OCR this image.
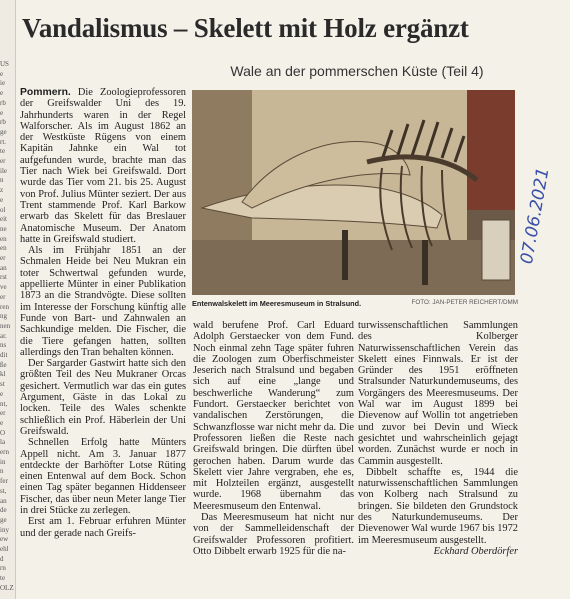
US
e
ie
e
rb
e
rb
ge
rt.
te
er
ile
n
z
e
ol
eit
ne
en
en
er
an
rst
ve
er
ren
ng
nen
ar.
ns
dit
ße
kl
st
e
nt,
er
e
O
la
ern
in
n
fer
st,
an
de
ge
iny
ew
ehl
d
rn
te
OLZ
Vandalismus – Skelett mit Holz ergänzt
Wale an der pommerschen Küste (Teil 4)

Pommern. Die Zoologieprofessoren der Greifswalder Uni des 19. Jahrhunderts waren in der Regel Walforscher. Als im August 1862 an der Westküste Rügens von einem Kapitän Jahnke ein Wal tot aufgefunden wurde, brachte man das Tier nach Wiek bei Greifswald. Dort wurde das Tier vom 21. bis 25. August von Prof. Julius Münter seziert. Der aus Trent stammende Prof. Karl Barkow erwarb das Skelett für das Breslauer Anatomische Museum. Der Anatom hatte in Greifswald studiert.

Als im Frühjahr 1851 an der Schmalen Heide bei Neu Mukran ein toter Schwertwal gefunden wurde, appellierte Münter in einer Publikation 1873 an die Strandvögte. Diese sollten im Interesse der Forschung künftig alle Funde von Bart- und Zahnwalen an Sachkundige melden. Die Fischer, die die Tiere gefangen hatten, sollten allerdings den Tran behalten können.

Der Sargarder Gastwirt hatte sich den größten Teil des Neu Mukraner Orcas gesichert. Vermutlich war das ein gutes Argument, Gäste in das Lokal zu locken. Teile des Wales schenkte schließlich ein Prof. Häberlein der Uni Greifswald.

Schnellen Erfolg hatte Münters Appell nicht. Am 3. Januar 1877 entdeckte der Barhöfter Lotse Rüting einen Entenwal auf dem Bock. Schon einen Tag später begannen Hiddenseer Fischer, das über neun Meter lange Tier in drei Stücke zu zerlegen.

Erst am 1. Februar erfuhren Münter und der gerade nach Greifs-

Entenwalskelett im Meeresmuseum in Stralsund.	FOTO: JAN-PETER REICHERT/DMM

wald berufene Prof. Carl Eduard Adolph Gerstaecker von dem Fund. Noch einmal zehn Tage später fuhren die Zoologen zum Oberfischmeister Jeserich nach Stralsund und begaben sich auf eine „lange und beschwerliche Wanderung“ zum Fundort. Gerstaecker berichtet von vandalischen Zerstörungen, die Schwanzflosse war nicht mehr da. Die Professoren ließen die Reste nach Greifswald bringen. Die dürften übel gerochen haben. Darum wurde das Skelett vier Jahre vergraben, ehe es, mit Holzteilen ergänzt, ausgestellt wurde. 1968 übernahm das Meeresmuseum den Entenwal.

Das Meeresmuseum hat nicht nur von der Sammelleidenschaft der Greifswalder Professoren profitiert. Otto Dibbelt erwarb 1925 für die na-

turwissenschaftlichen Sammlungen des Kolberger Naturwissenschaftlichen Verein das Skelett eines Finnwals. Er ist der Gründer des 1951 eröffneten Stralsunder Naturkundemuseums, des Vorgängers des Meeresmuseums. Der Wal war im August 1899 bei Dievenow auf Wollin tot angetrieben und zuvor bei Devin und Wieck gesichtet und wahrscheinlich gejagt worden. Zunächst wurde er noch in Cammin ausgestellt.

Dibbelt schaffte es, 1944 die naturwissenschaftlichen Sammlungen von Kolberg nach Stralsund zu bringen. Sie bildeten den Grundstock des Naturkundemuseums. Der Dievenower Wal wurde 1967 bis 1972 im Meeresmuseum ausgestellt.

Eckhard Oberdörfer
07.06.2021
